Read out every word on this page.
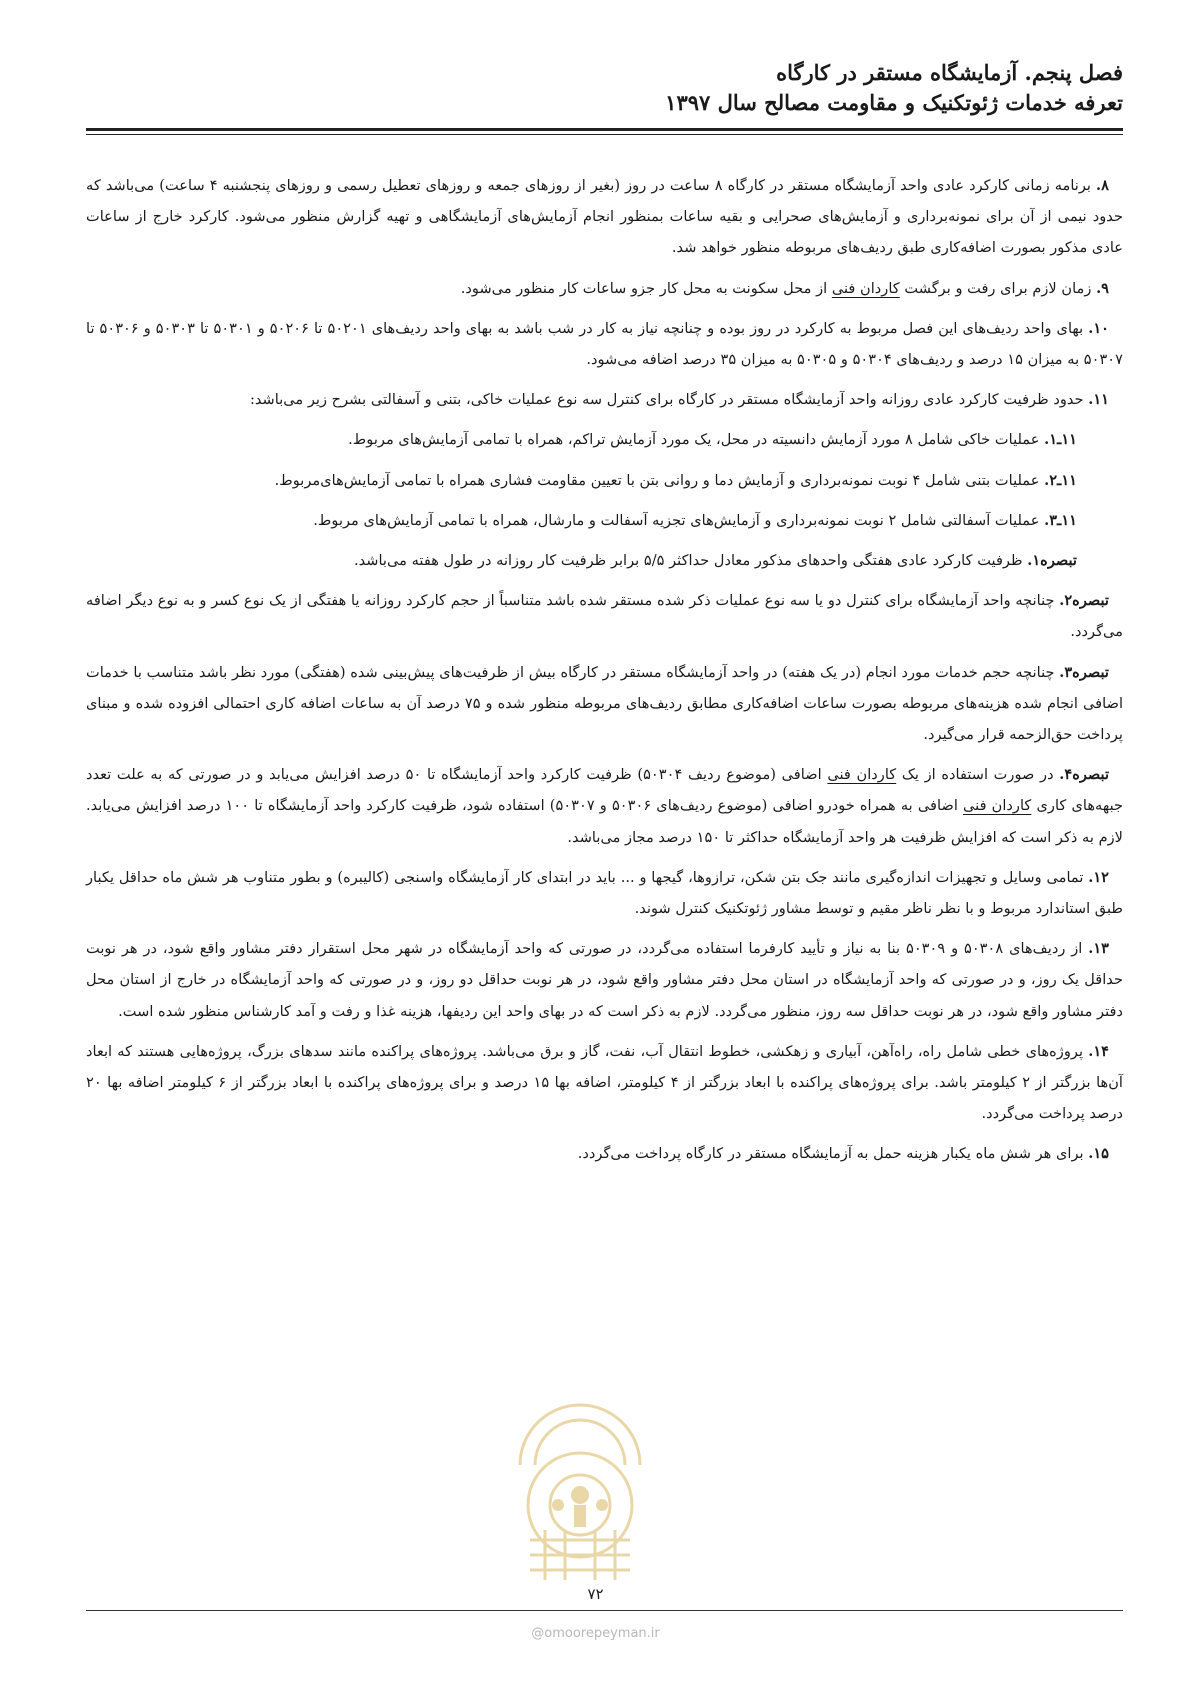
فصل پنجم. آزمایشگاه مستقر در کارگاه
تعرفه خدمات ژئوتکنیک و مقاومت مصالح سال ۱۳۹۷

۸. برنامه زمانی کارکرد عادی واحد آزمایشگاه مستقر در کارگاه ۸ ساعت در روز (بغیر از روزهای جمعه و روزهای تعطیل رسمی و روزهای پنجشنبه ۴ ساعت) می‌باشد که حدود نیمی از آن برای نمونه‌برداری و آزمایش‌های صحرایی و بقیه ساعات بمنظور انجام آزمایش‌های آزمایشگاهی و تهیه گزارش منظور می‌شود. کارکرد خارج از ساعات عادی مذکور بصورت اضافه‌کاری طبق ردیف‌های مربوطه منظور خواهد شد.

۹. زمان لازم برای رفت و برگشت کاردان فنی از محل سکونت به محل کار جزو ساعات کار منظور می‌شود.

۱۰. بهای واحد ردیف‌های این فصل مربوط به کارکرد در روز بوده و چنانچه نیاز به کار در شب باشد به بهای واحد ردیف‌های ۵۰۲۰۱ تا ۵۰۲۰۶ و ۵۰۳۰۱ تا ۵۰۳۰۳ و ۵۰۳۰۶ تا ۵۰۳۰۷ به میزان ۱۵ درصد و ردیف‌های ۵۰۳۰۴ و ۵۰۳۰۵ به میزان ۳۵ درصد اضافه می‌شود.

۱۱. حدود ظرفیت کارکرد عادی روزانه واحد آزمایشگاه مستقر در کارگاه برای کنترل سه نوع عملیات خاکی، بتنی و آسفالتی بشرح زیر می‌باشد:

۱۱ـ۱. عملیات خاکی شامل ۸ مورد آزمایش دانسیته در محل، یک مورد آزمایش تراکم، همراه با تمامی آزمایش‌های مربوط.

۱۱ـ۲. عملیات بتنی شامل ۴ نوبت نمونه‌برداری و آزمایش دما و روانی بتن با تعیین مقاومت فشاری همراه با تمامی آزمایش‌های‌مربوط.

۱۱ـ۳. عملیات آسفالتی شامل ۲ نوبت نمونه‌برداری و آزمایش‌های تجزیه آسفالت و مارشال، همراه با تمامی آزمایش‌های مربوط.

تبصره۱. ظرفیت کارکرد عادی هفتگی واحدهای مذکور معادل حداکثر ۵/۵ برابر ظرفیت کار روزانه در طول هفته می‌باشد.

تبصره۲. چنانچه واحد آزمایشگاه برای کنترل دو یا سه نوع عملیات ذکر شده مستقر شده باشد متناسباً از حجم کارکرد روزانه یا هفتگی از یک نوع کسر و به نوع دیگر اضافه می‌گردد.

تبصره۳. چنانچه حجم خدمات مورد انجام (در یک هفته) در واحد آزمایشگاه مستقر در کارگاه بیش از ظرفیت‌های پیش‌بینی شده (هفتگی) مورد نظر باشد متناسب با خدمات اضافی انجام شده هزینه‌های مربوطه بصورت ساعات اضافه‌کاری مطابق ردیف‌های مربوطه منظور شده و ۷۵ درصد آن به ساعات اضافه کاری احتمالی افزوده شده و مبنای پرداخت حق‌الزحمه قرار می‌گیرد.

تبصره۴. در صورت استفاده از یک کاردان فنی اضافی (موضوع ردیف ۵۰۳۰۴) ظرفیت کارکرد واحد آزمایشگاه تا ۵۰ درصد افزایش می‌یابد و در صورتی که به علت تعدد جبهه‌های کاری کاردان فنی اضافی به همراه خودرو اضافی (موضوع ردیف‌های ۵۰۳۰۶ و ۵۰۳۰۷) استفاده شود، ظرفیت کارکرد واحد آزمایشگاه تا ۱۰۰ درصد افزایش می‌یابد. لازم به ذکر است که افزایش ظرفیت هر واحد آزمایشگاه حداکثر تا ۱۵۰ درصد مجاز می‌باشد.

۱۲. تمامی وسایل و تجهیزات اندازه‌گیری مانند جک بتن شکن، ترازوها، گیجها و ... باید در ابتدای کار آزمایشگاه واسنجی (کالیبره) و بطور متناوب هر شش ماه حداقل یکبار طبق استاندارد مربوط و با نظر ناظر مقیم و توسط مشاور ژئوتکنیک کنترل شوند.

۱۳. از ردیف‌های ۵۰۳۰۸ و ۵۰۳۰۹ بنا به نیاز و تأیید کارفرما استفاده می‌گردد، در صورتی که واحد آزمایشگاه در شهر محل استقرار دفتر مشاور واقع شود، در هر نوبت حداقل یک روز، و در صورتی که واحد آزمایشگاه در استان محل دفتر مشاور واقع شود، در هر نوبت حداقل دو روز، و در صورتی که واحد آزمایشگاه در خارج از استان محل دفتر مشاور واقع شود، در هر نوبت حداقل سه روز، منظور می‌گردد. لازم به ذکر است که در بهای واحد این ردیفها، هزینه غذا و رفت و آمد کارشناس منظور شده است.

۱۴. پروژه‌های خطی شامل راه، راه‌آهن، آبیاری و زهکشی، خطوط انتقال آب، نفت، گاز و برق می‌باشد. پروژه‌های پراکنده مانند سدهای بزرگ، پروژه‌هایی هستند که ابعاد آن‌ها بزرگتر از ۲ کیلومتر باشد. برای پروژه‌های پراکنده با ابعاد بزرگتر از ۴ کیلومتر، اضافه بها ۱۵ درصد و برای پروژه‌های پراکنده با ابعاد بزرگتر از ۶ کیلومتر اضافه بها ۲۰ درصد پرداخت می‌گردد.

۱۵. برای هر شش ماه یکبار هزینه حمل به آزمایشگاه مستقر در کارگاه پرداخت می‌گردد.

۷۲
@omoorepeyman.ir
